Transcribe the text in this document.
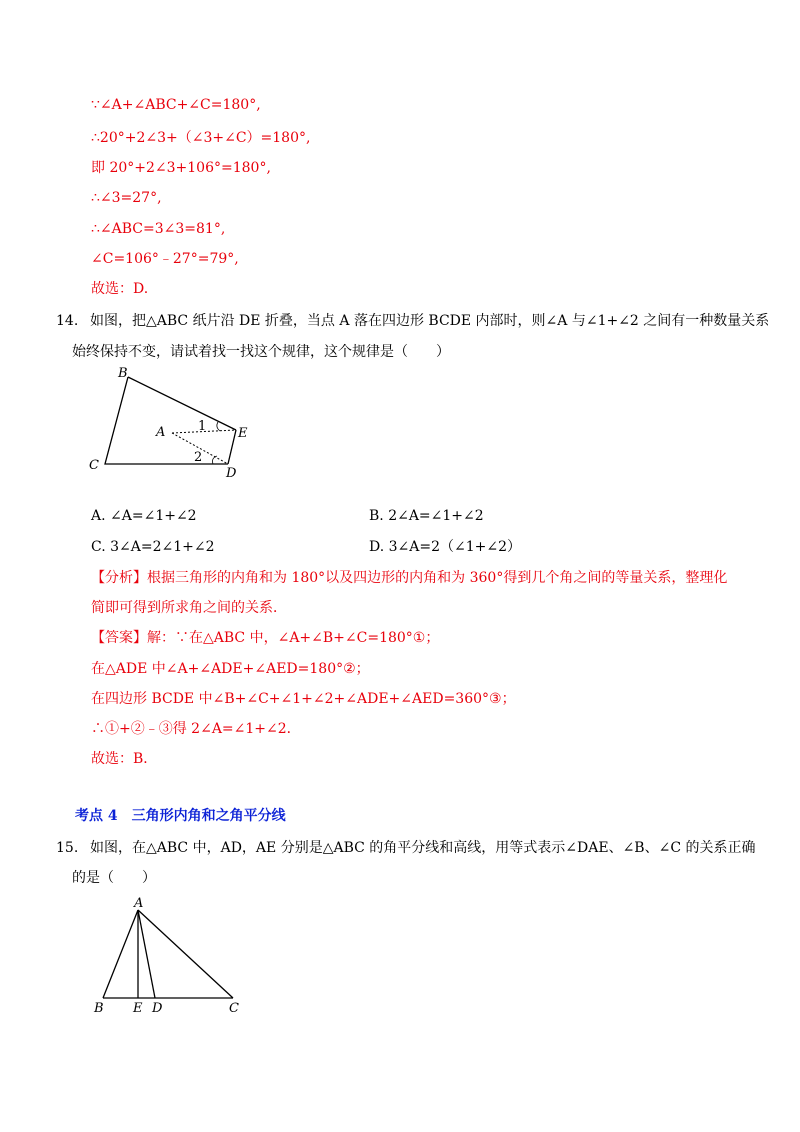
∵∠A+∠ABC+∠C=180°,
∴20°+2∠3+（∠3+∠C）=180°,
即 20°+2∠3+106°=180°,
∴∠3=27°,
∴∠ABC=3∠3=81°,
∠C=106°﹣27°=79°,
故选：D.
14. 如图，把△ABC 纸片沿 DE 折叠，当点 A 落在四边形 BCDE 内部时，则∠A 与∠1+∠2 之间有一种数量关系
始终保持不变，请试着找一找这个规律，这个规律是（　　）
B
A	E
C
D
1
2
A. ∠A=∠1+∠2	B. 2∠A=∠1+∠2
C. 3∠A=2∠1+∠2	D. 3∠A=2（∠1+∠2）
【分析】根据三角形的内角和为 180°以及四边形的内角和为 360°得到几个角之间的等量关系，整理化
简即可得到所求角之间的关系．
【答案】解：∵在△ABC 中，∠A+∠B+∠C=180°①；
在△ADE 中∠A+∠ADE+∠AED=180°②；
在四边形 BCDE 中∠B+∠C+∠1+∠2+∠ADE+∠AED=360°③；
∴①+②﹣③得 2∠A=∠1+∠2．
故选：B．
考点 4　三角形内角和之角平分线
15. 如图，在△ABC 中，AD，AE 分别是△ABC 的角平分线和高线，用等式表示∠DAE、∠B、∠C 的关系正确
的是（　　）
A
B E D	C
